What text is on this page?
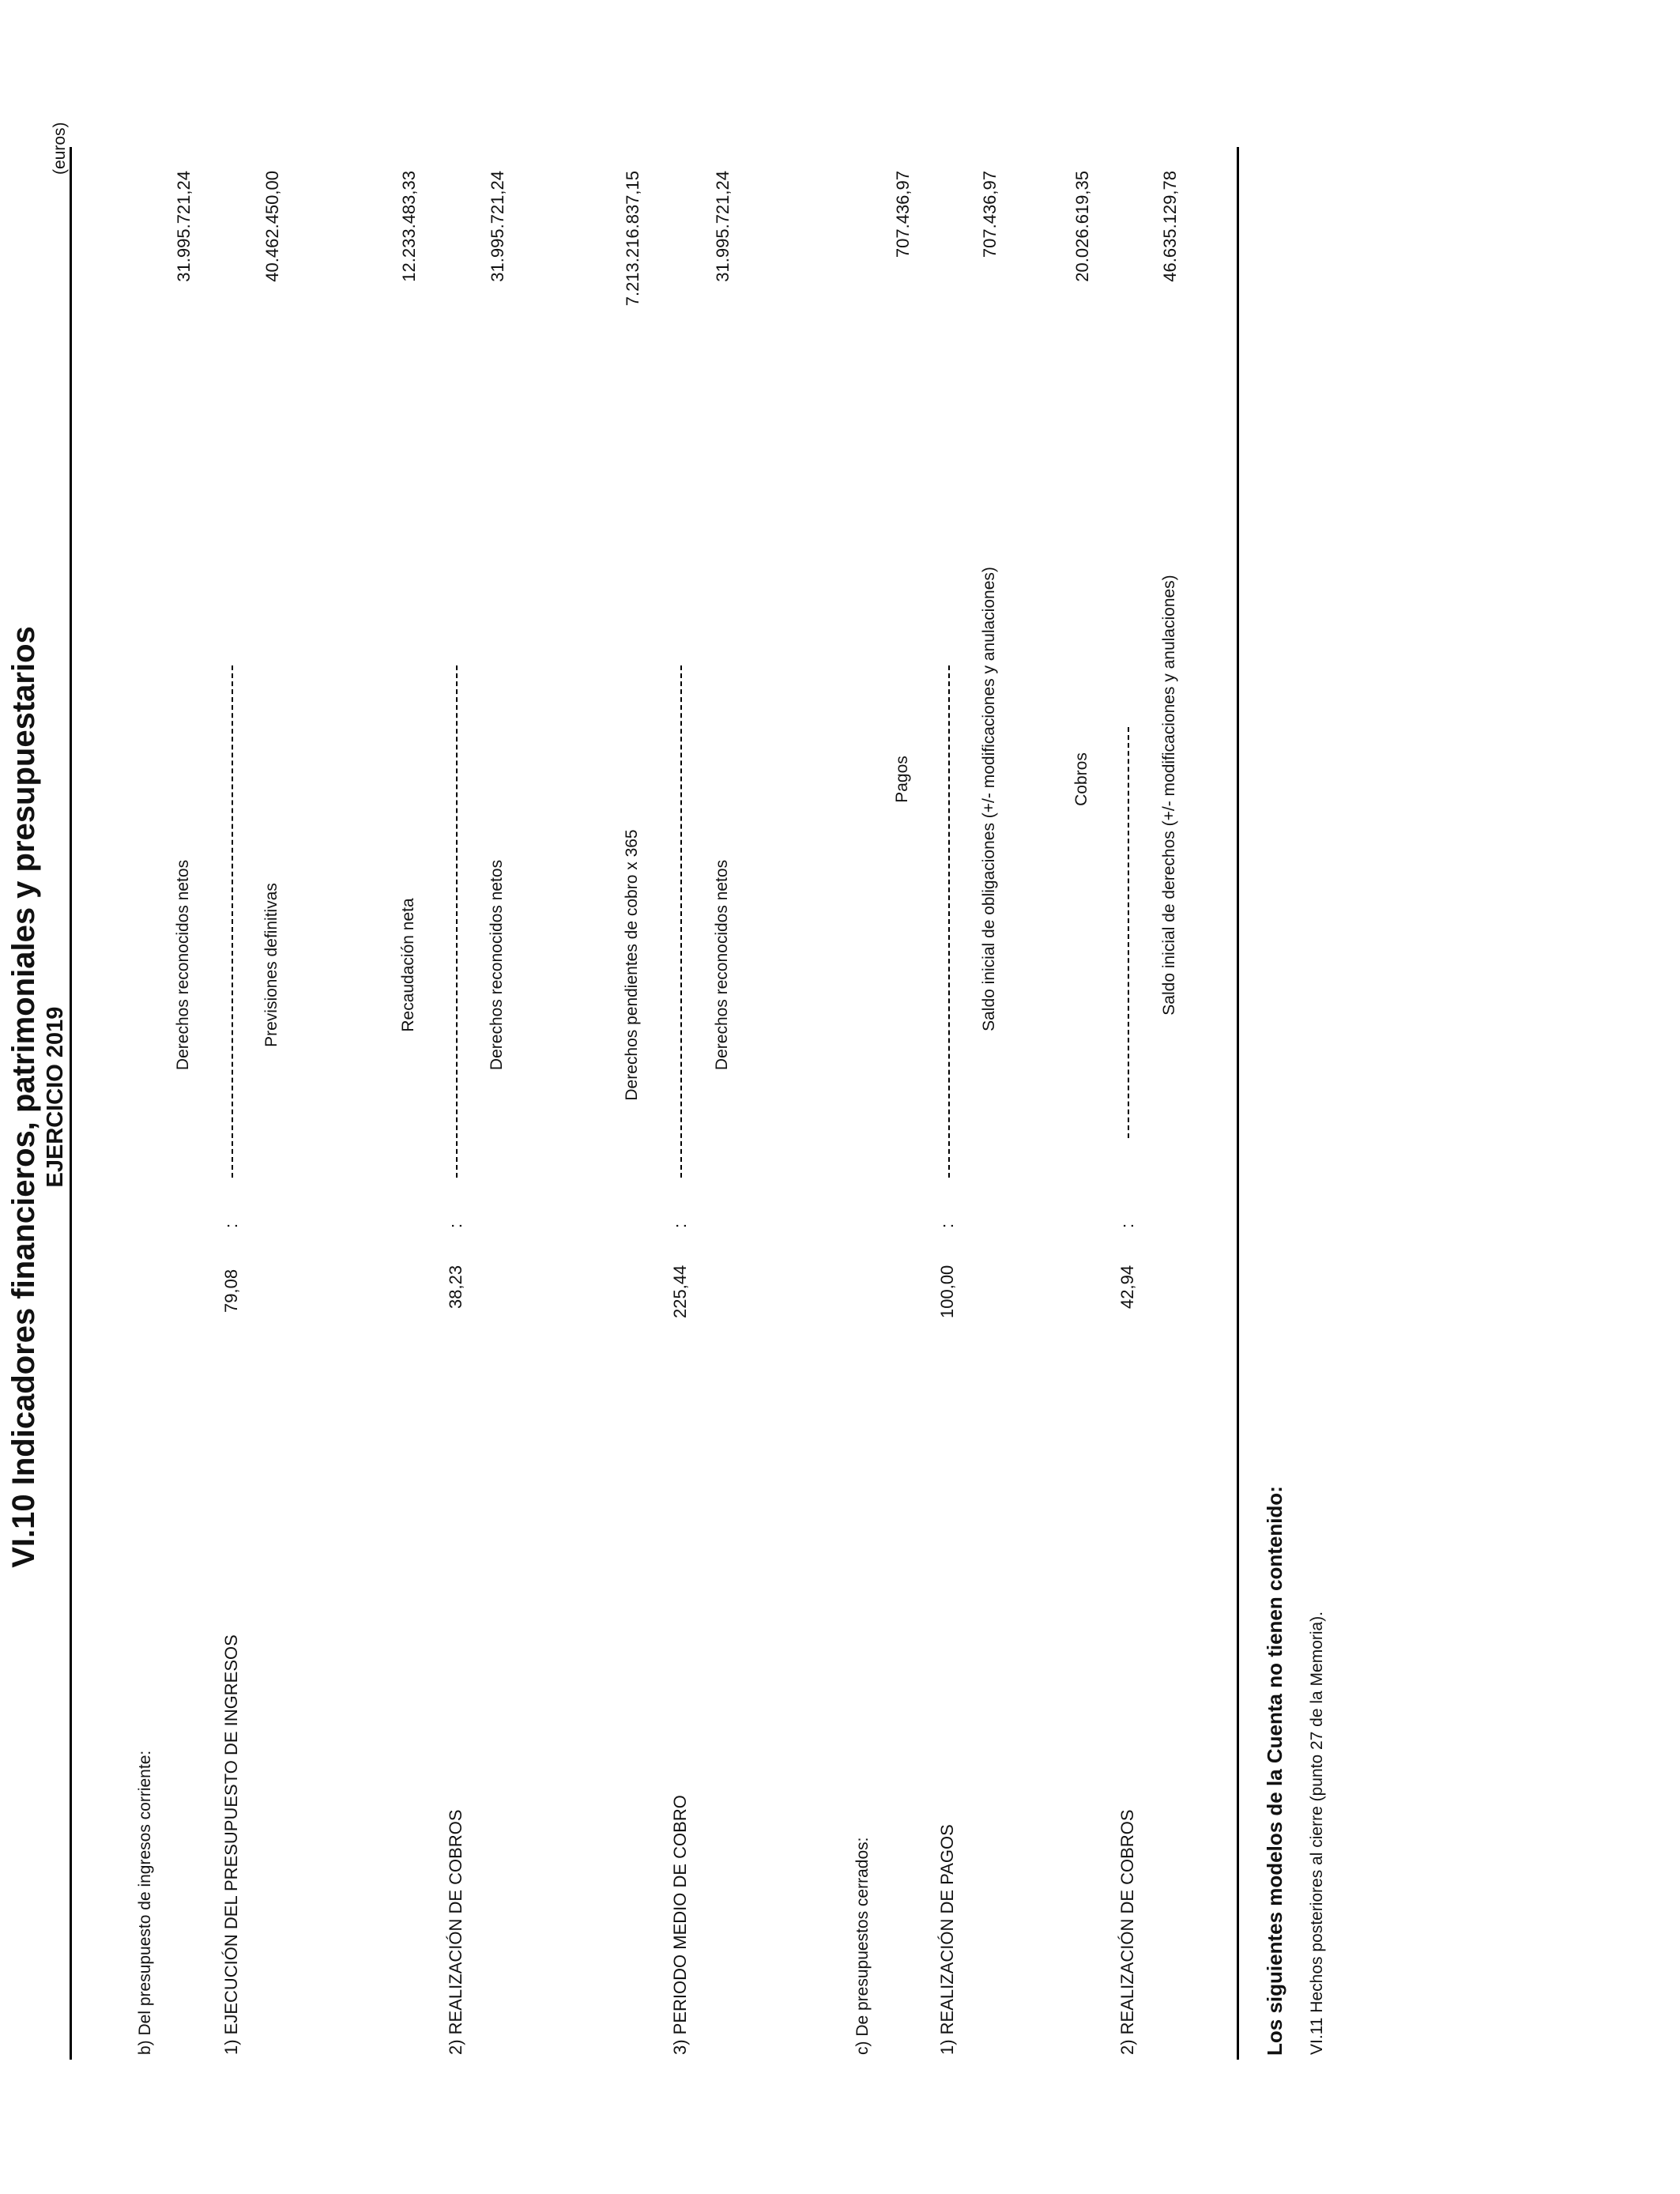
VI.10 Indicadores financieros, patrimoniales y presupuestarios EJERCICIO 2019
(euros)
b) Del presupuesto de ingresos corriente:	1) EJECUCIÓN DEL PRESUPUESTO DE INGRESOS
79,08
:
Derechos reconocidos netos	Previsiones definitivas
31.995.721,24	40.462.450,00
2) REALIZACIÓN DE COBROS
38,23
:
Recaudación neta	Derechos reconocidos netos
12.233.483,33	31.995.721,24
3) PERIODO MEDIO DE COBRO
225,44
:
Derechos pendientes de cobro x 365	Derechos reconocidos netos
7.213.216.837,15	31.995.721,24
c) De presupuestos cerrados:	1) REALIZACIÓN DE PAGOS
100,00
:
Pagos	Saldo inicial de obligaciones (+/- modificaciones y anulaciones)
707.436,97	707.436,97
2) REALIZACIÓN DE COBROS
42,94
:
Cobros	Saldo inicial de derechos (+/- modificaciones y anulaciones)
20.026.619,35	46.635.129,78
Los siguientes modelos de la Cuenta no tienen contenido: VI.11 Hechos posteriores al cierre (punto 27 de la Memoria).
